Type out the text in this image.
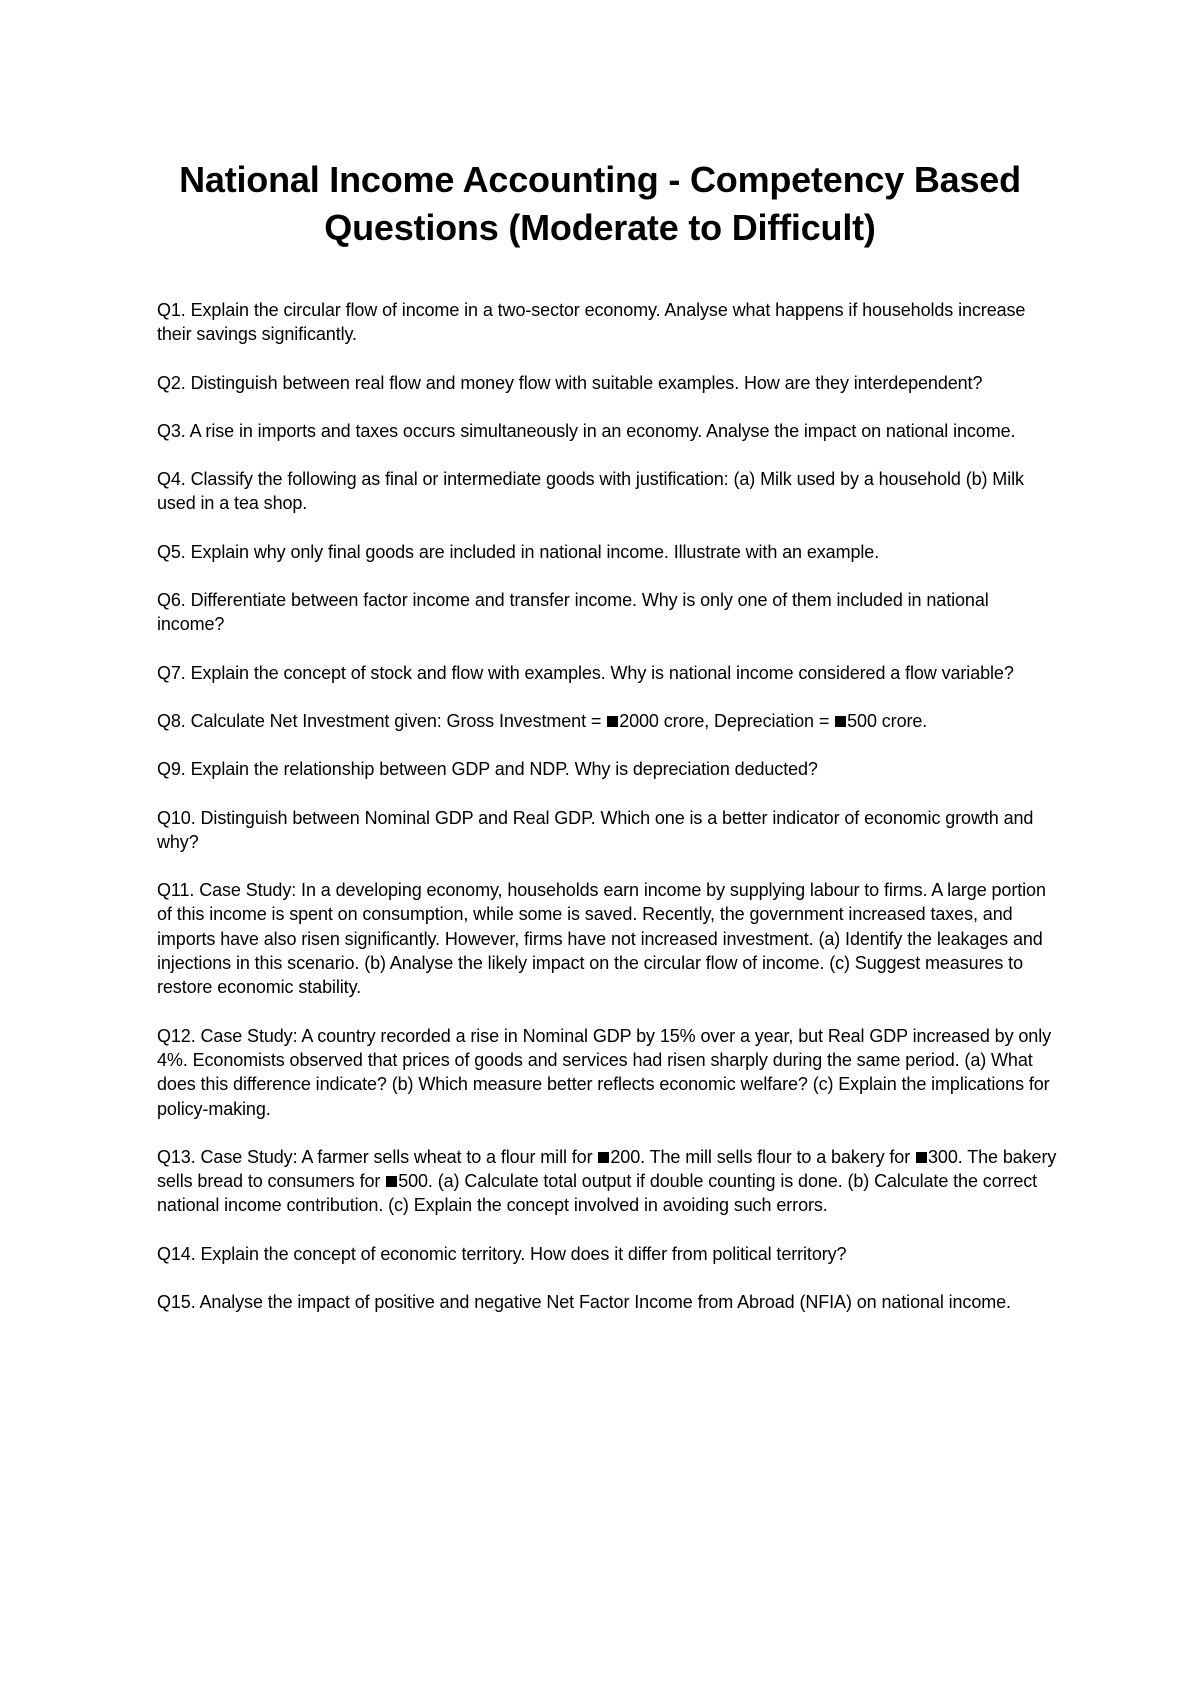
National Income Accounting - Competency Based Questions (Moderate to Difficult)
Q1. Explain the circular flow of income in a two-sector economy. Analyse what happens if households increase their savings significantly.
Q2. Distinguish between real flow and money flow with suitable examples. How are they interdependent?
Q3. A rise in imports and taxes occurs simultaneously in an economy. Analyse the impact on national income.
Q4. Classify the following as final or intermediate goods with justification: (a) Milk used by a household (b) Milk used in a tea shop.
Q5. Explain why only final goods are included in national income. Illustrate with an example.
Q6. Differentiate between factor income and transfer income. Why is only one of them included in national income?
Q7. Explain the concept of stock and flow with examples. Why is national income considered a flow variable?
Q8. Calculate Net Investment given: Gross Investment = 2000 crore, Depreciation = 500 crore.
Q9. Explain the relationship between GDP and NDP. Why is depreciation deducted?
Q10. Distinguish between Nominal GDP and Real GDP. Which one is a better indicator of economic growth and why?
Q11. Case Study: In a developing economy, households earn income by supplying labour to firms. A large portion of this income is spent on consumption, while some is saved. Recently, the government increased taxes, and imports have also risen significantly. However, firms have not increased investment. (a) Identify the leakages and injections in this scenario. (b) Analyse the likely impact on the circular flow of income. (c) Suggest measures to restore economic stability.
Q12. Case Study: A country recorded a rise in Nominal GDP by 15% over a year, but Real GDP increased by only 4%. Economists observed that prices of goods and services had risen sharply during the same period. (a) What does this difference indicate? (b) Which measure better reflects economic welfare? (c) Explain the implications for policy-making.
Q13. Case Study: A farmer sells wheat to a flour mill for 200. The mill sells flour to a bakery for 300. The bakery sells bread to consumers for 500. (a) Calculate total output if double counting is done. (b) Calculate the correct national income contribution. (c) Explain the concept involved in avoiding such errors.
Q14. Explain the concept of economic territory. How does it differ from political territory?
Q15. Analyse the impact of positive and negative Net Factor Income from Abroad (NFIA) on national income.
